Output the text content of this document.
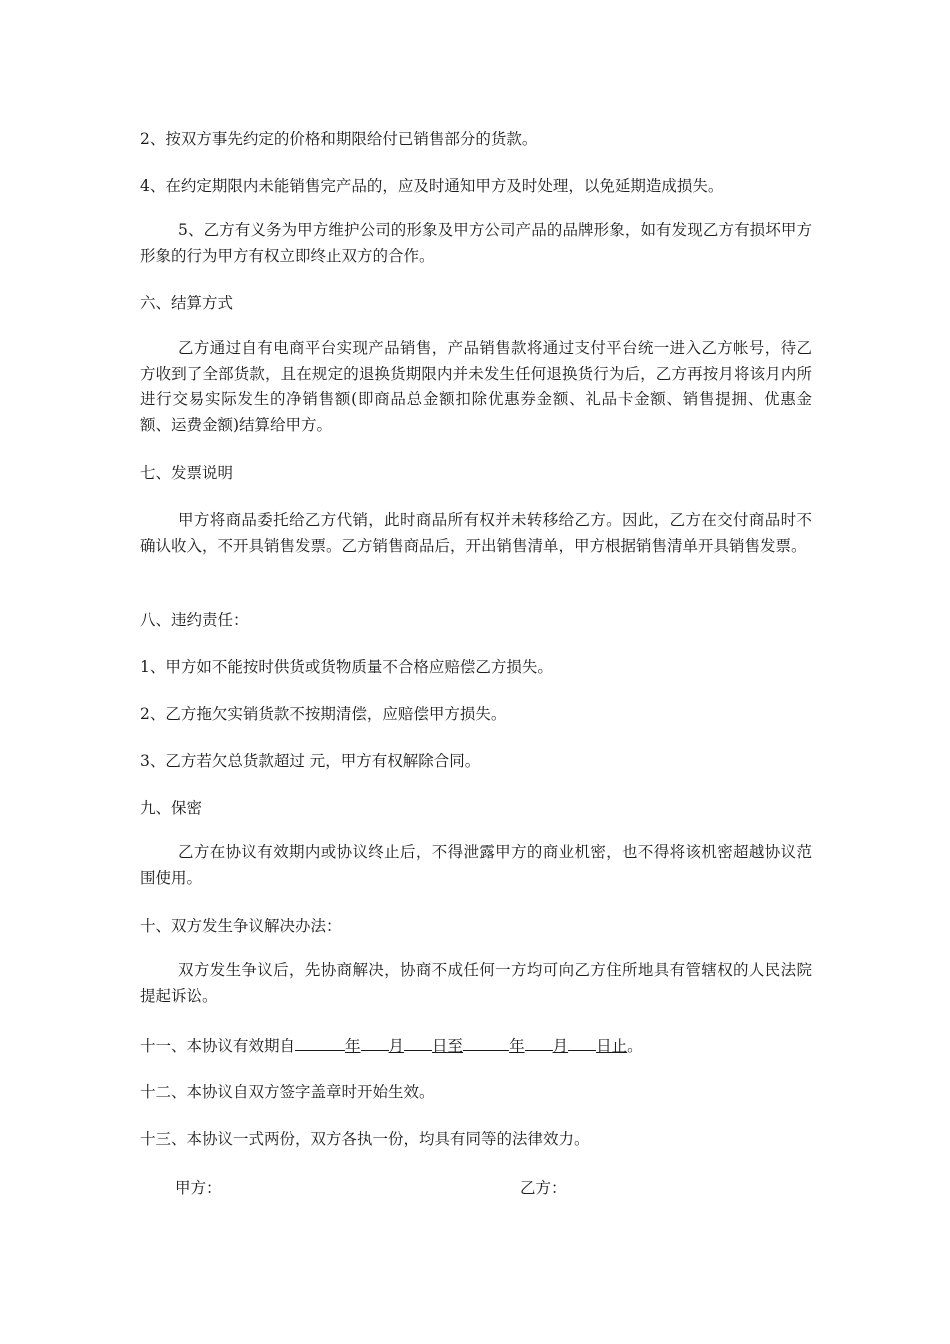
2、按双方事先约定的价格和期限给付已销售部分的货款。
4、在约定期限内未能销售完产品的，应及时通知甲方及时处理，以免延期造成损失。
5、乙方有义务为甲方维护公司的形象及甲方公司产品的品牌形象，如有发现乙方有损坏甲方形象的行为甲方有权立即终止双方的合作。
六、结算方式
乙方通过自有电商平台实现产品销售，产品销售款将通过支付平台统一进入乙方帐号，待乙方收到了全部货款，且在规定的退换货期限内并未发生任何退换货行为后，乙方再按月将该月内所进行交易实际发生的净销售额(即商品总金额扣除优惠券金额、礼品卡金额、销售提拥、优惠金额、运费金额)结算给甲方。
七、发票说明
甲方将商品委托给乙方代销，此时商品所有权并未转移给乙方。因此，乙方在交付商品时不确认收入，不开具销售发票。乙方销售商品后，开出销售清单，甲方根据销售清单开具销售发票。
八、违约责任：
1、甲方如不能按时供货或货物质量不合格应赔偿乙方损失。
2、乙方拖欠实销货款不按期清偿，应赔偿甲方损失。
3、乙方若欠总货款超过 元，甲方有权解除合同。
九、保密
乙方在协议有效期内或协议终止后，不得泄露甲方的商业机密，也不得将该机密超越协议范围使用。
十、双方发生争议解决办法：
双方发生争议后，先协商解决，协商不成任何一方均可向乙方住所地具有管辖权的人民法院提起诉讼。
十一、本协议有效期自	年 月 日至	年 月 日止。
十二、本协议自双方签字盖章时开始生效。
十三、本协议一式两份，双方各执一份，均具有同等的法律效力。
甲方：	乙方：
